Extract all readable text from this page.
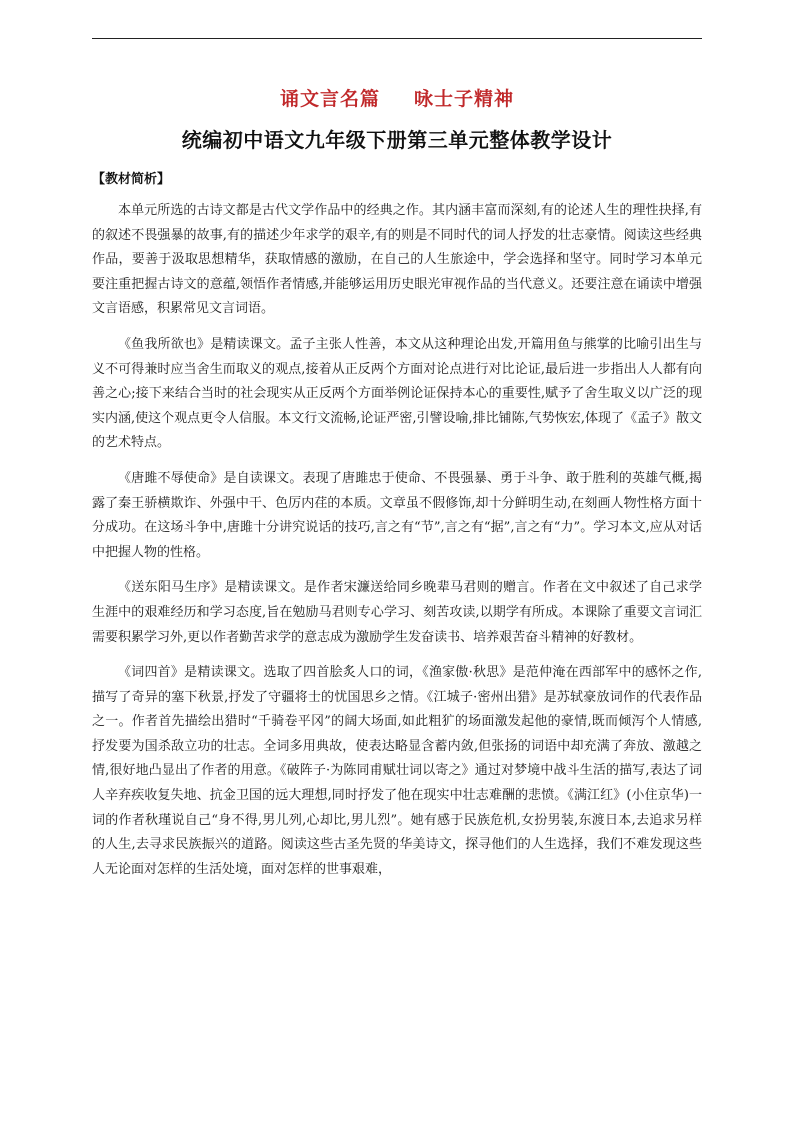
诵文言名篇 咏士子精神
统编初中语文九年级下册第三单元整体教学设计
【教材简析】

本单元所选的古诗文都是古代文学作品中的经典之作。其内涵丰富而深刻,有的论述人生的理性抉择,有的叙述不畏强暴的故事,有的描述少年求学的艰辛,有的则是不同时代的词人抒发的壮志豪情。阅读这些经典作品，要善于汲取思想精华，获取情感的激励，在自己的人生旅途中，学会选择和坚守。同时学习本单元要注重把握古诗文的意蕴,领悟作者情感,并能够运用历史眼光审视作品的当代意义。还要注意在诵读中增强文言语感，积累常见文言词语。

《鱼我所欲也》是精读课文。孟子主张人性善，本文从这种理论出发,开篇用鱼与熊掌的比喻引出生与义不可得兼时应当舍生而取义的观点,接着从正反两个方面对论点进行对比论证,最后进一步指出人人都有向善之心;接下来结合当时的社会现实从正反两个方面举例论证保持本心的重要性,赋予了舍生取义以广泛的现实内涵,使这个观点更令人信服。本文行文流畅,论证严密,引譬设喻,排比铺陈,气势恢宏,体现了《孟子》散文的艺术特点。

《唐雎不辱使命》是自读课文。表现了唐雎忠于使命、不畏强暴、勇于斗争、敢于胜利的英雄气概,揭露了秦王骄横欺诈、外强中干、色厉内荏的本质。文章虽不假修饰,却十分鲜明生动,在刻画人物性格方面十分成功。在这场斗争中,唐雎十分讲究说话的技巧,言之有“节”,言之有“据”,言之有“力”。学习本文,应从对话中把握人物的性格。

《送东阳马生序》是精读课文。是作者宋濂送给同乡晚辈马君则的赠言。作者在文中叙述了自己求学生涯中的艰难经历和学习态度,旨在勉励马君则专心学习、刻苦攻读,以期学有所成。本课除了重要文言词汇需要积累学习外,更以作者勤苦求学的意志成为激励学生发奋读书、培养艰苦奋斗精神的好教材。

《词四首》是精读课文。选取了四首脍炙人口的词，《渔家傲·秋思》是范仲淹在西部军中的感怀之作,描写了奇异的塞下秋景,抒发了守疆将士的忧国思乡之情。《江城子·密州出猎》是苏轼豪放词作的代表作品之一。作者首先描绘出猎时“千骑卷平冈”的阔大场面,如此粗犷的场面激发起他的豪情,既而倾泻个人情感,抒发要为国杀敌立功的壮志。全词多用典故，使表达略显含蓄内敛,但张扬的词语中却充满了奔放、激越之情,很好地凸显出了作者的用意。《破阵子·为陈同甫赋壮词以寄之》通过对梦境中战斗生活的描写,表达了词人辛弃疾收复失地、抗金卫国的远大理想,同时抒发了他在现实中壮志难酬的悲愤。《满江红》(小住京华)一词的作者秋瑾说自己“身不得,男儿列,心却比,男儿烈”。她有感于民族危机,女扮男装,东渡日本,去追求另样的人生,去寻求民族振兴的道路。阅读这些古圣先贤的华美诗文，探寻他们的人生选择，我们不难发现这些人无论面对怎样的生活处境，面对怎样的世事艰难，
